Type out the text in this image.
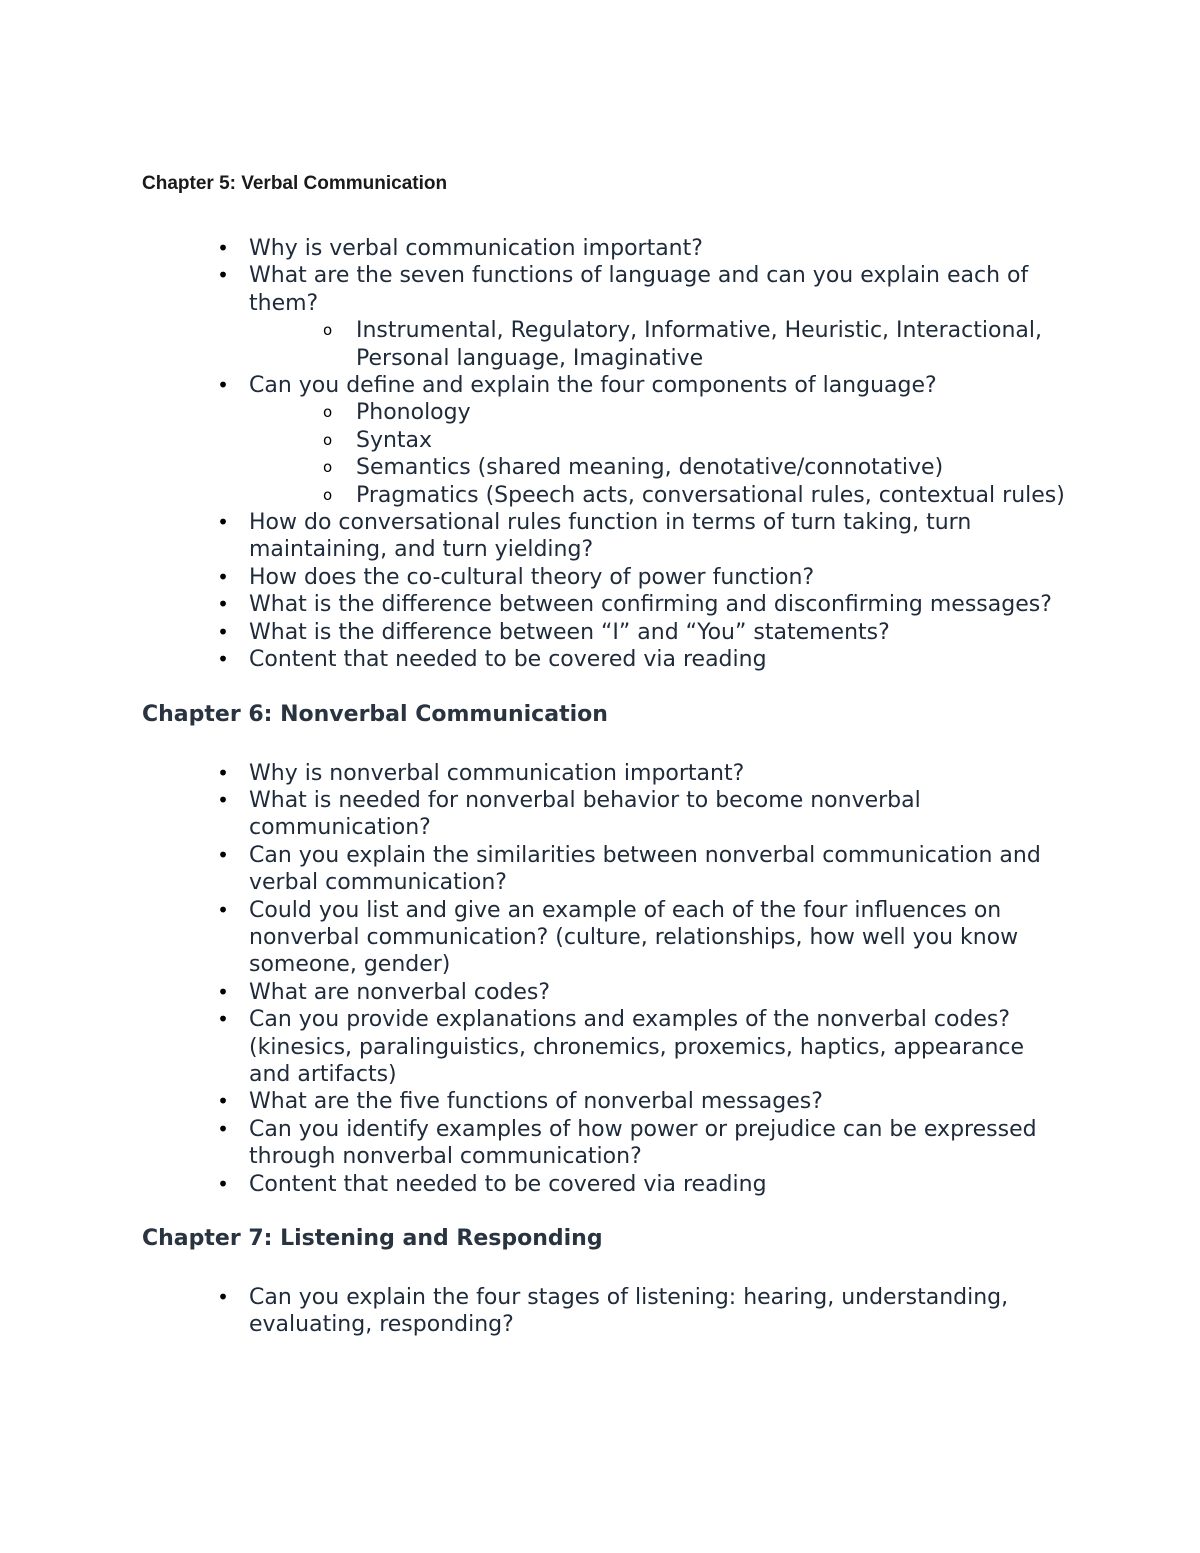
Chapter 5: Verbal Communication
• Why is verbal communication important?
• What are the seven functions of language and can you explain each of them?
o Instrumental, Regulatory, Informative, Heuristic, Interactional, Personal language, Imaginative
• Can you define and explain the four components of language?
o Phonology
o Syntax
o Semantics (shared meaning, denotative/connotative)
o Pragmatics (Speech acts, conversational rules, contextual rules)
• How do conversational rules function in terms of turn taking, turn maintaining, and turn yielding?
• How does the co-cultural theory of power function?
• What is the difference between confirming and disconfirming messages?
• What is the difference between “I” and “You” statements?
• Content that needed to be covered via reading
Chapter 6: Nonverbal Communication
• Why is nonverbal communication important?
• What is needed for nonverbal behavior to become nonverbal communication?
• Can you explain the similarities between nonverbal communication and verbal communication?
• Could you list and give an example of each of the four influences on nonverbal communication? (culture, relationships, how well you know someone, gender)
• What are nonverbal codes?
• Can you provide explanations and examples of the nonverbal codes? (kinesics, paralinguistics, chronemics, proxemics, haptics, appearance and artifacts)
• What are the five functions of nonverbal messages?
• Can you identify examples of how power or prejudice can be expressed through nonverbal communication?
• Content that needed to be covered via reading
Chapter 7: Listening and Responding
• Can you explain the four stages of listening: hearing, understanding, evaluating, responding?
